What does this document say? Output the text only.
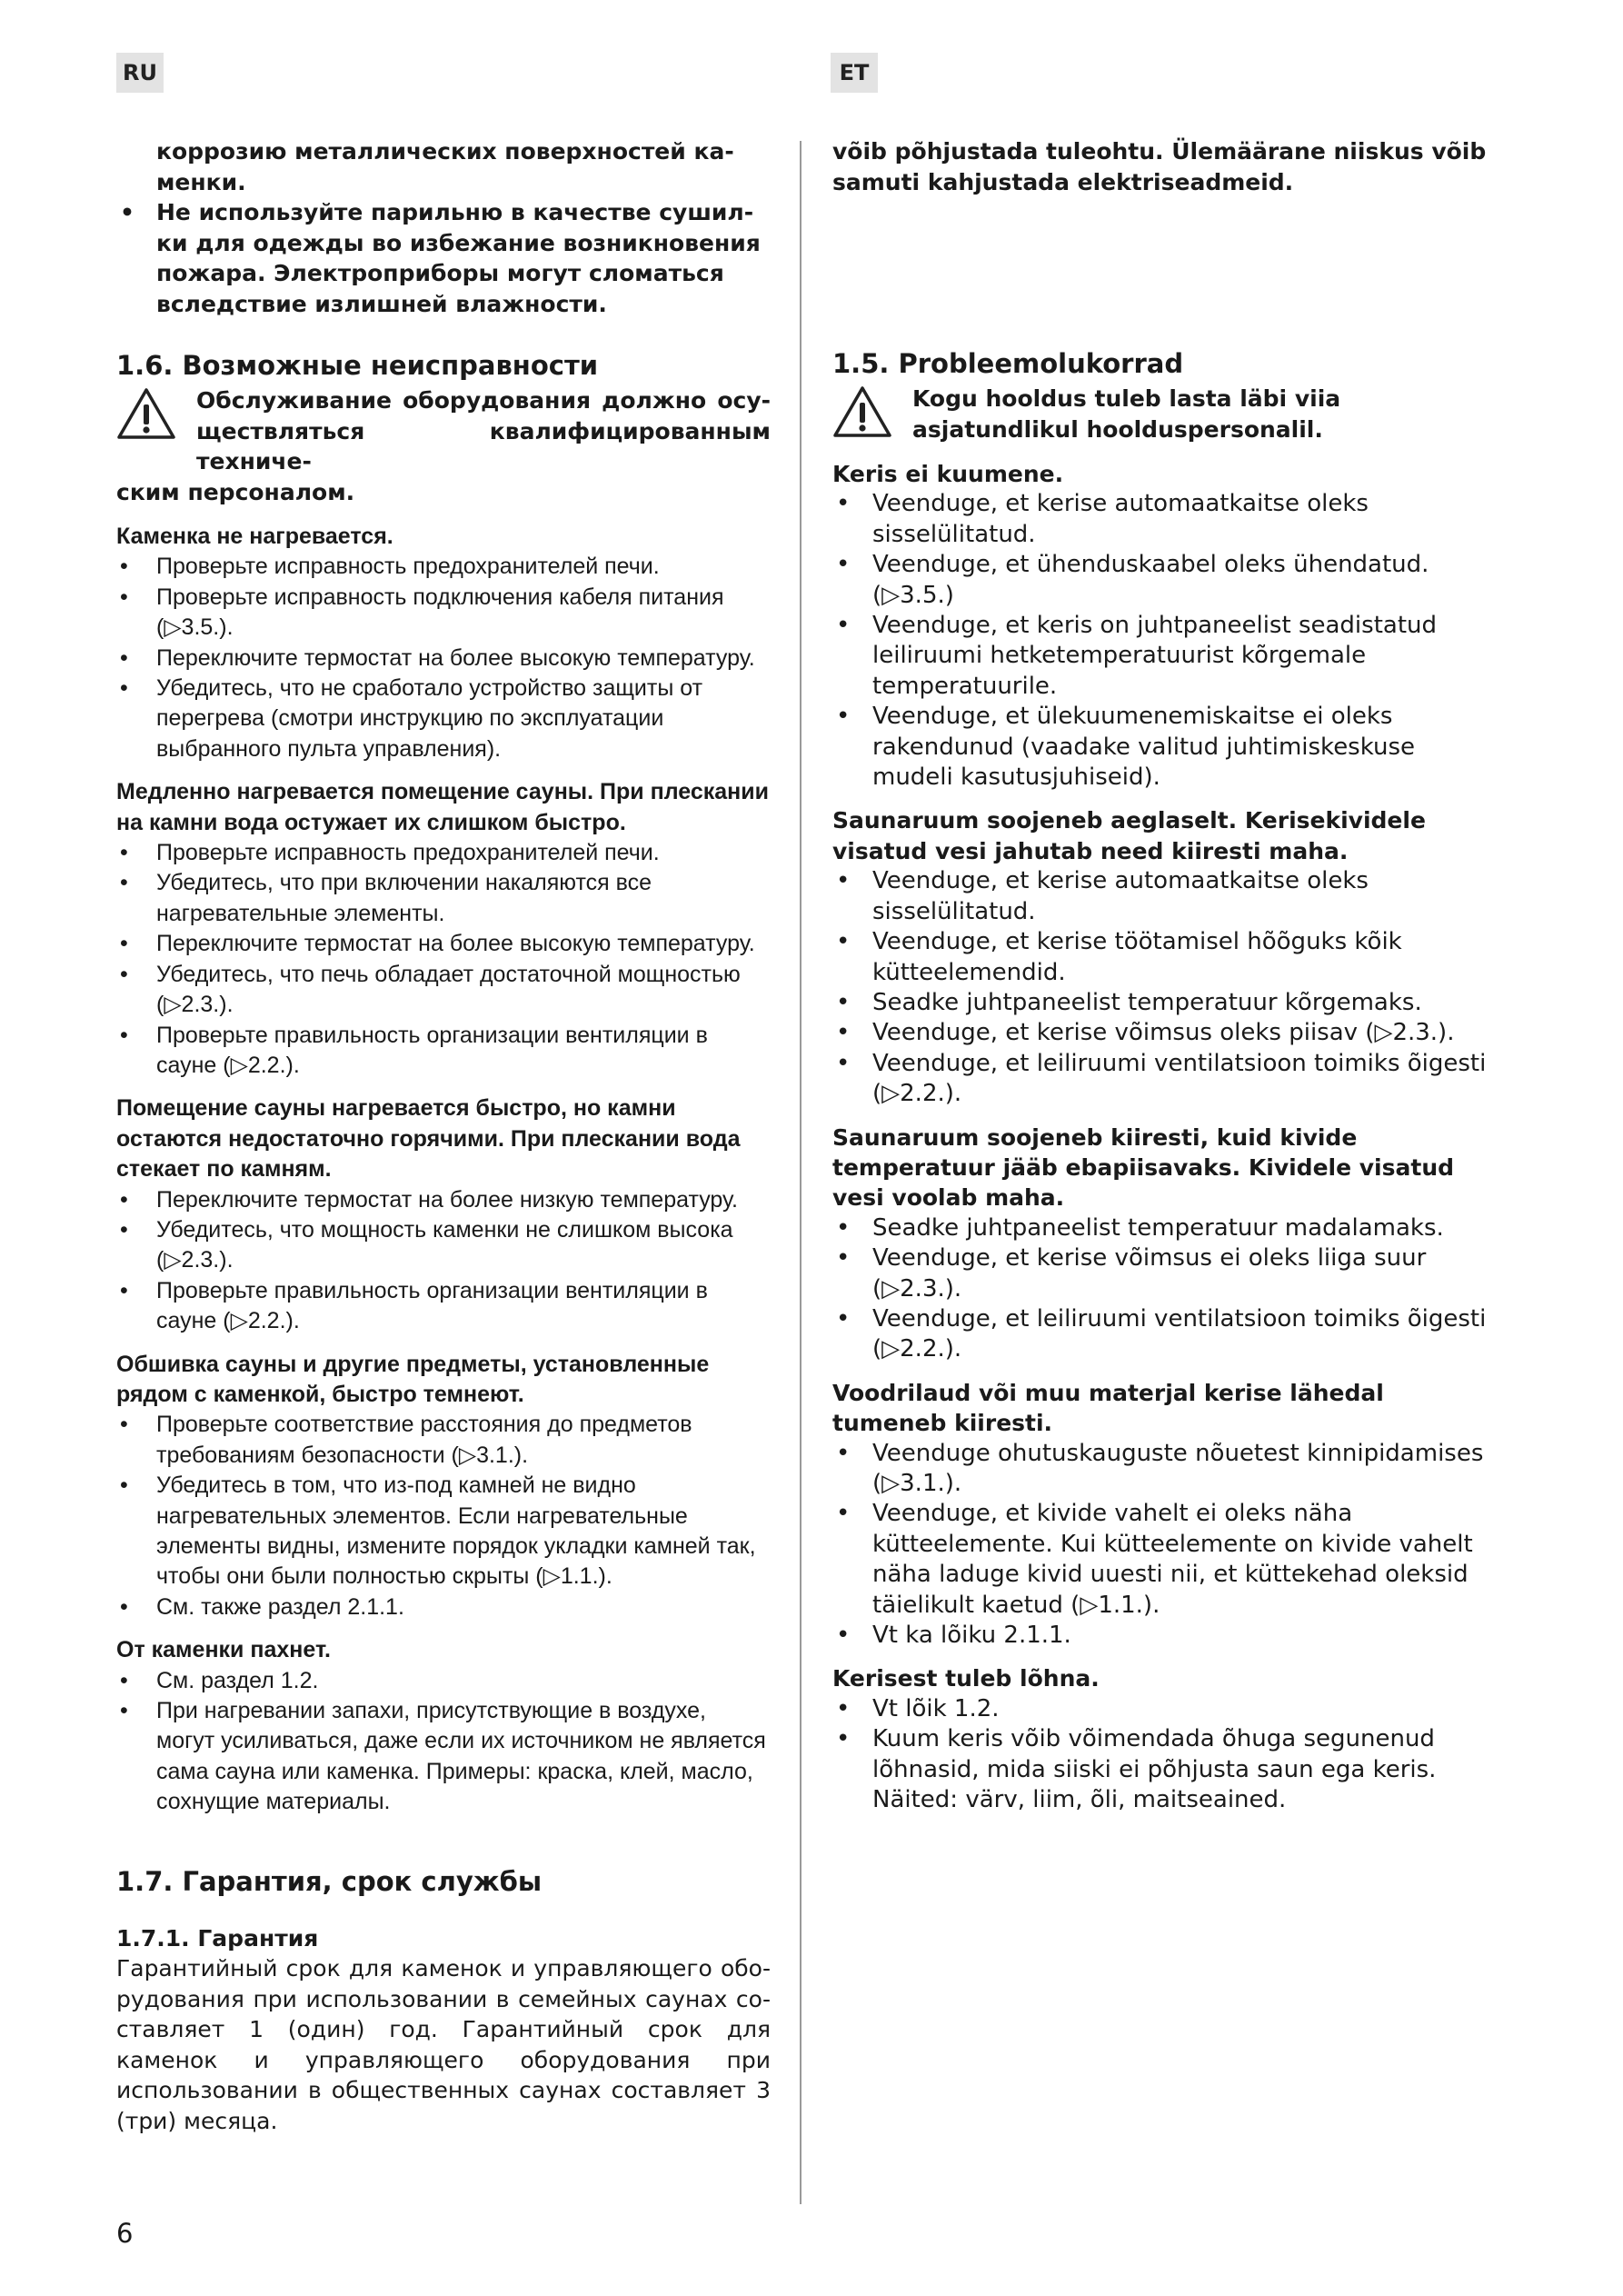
RU	ET

коррозию металлических поверхностей ка-менки.

• Не используйте парильню в качестве сушил-ки для одежды во избежание возникновения пожара. Электроприборы могут сломаться вследствие излишней влажности.
1.6. Возможные неисправности
Обслуживание оборудования должно осу-ществляться квалифицированным техниче-
ским персоналом.

Каменка не нагревается.

• Проверьте исправность предохранителей печи.
• Проверьте исправность подключения кабеля питания (▷3.5.).
• Переключите термостат на более высокую температуру.
• Убедитесь, что не сработало устройство защиты от перегрева (смотри инструкцию по эксплуатации выбранного пульта управления).

Медленно нагревается помещение сауны. При плескании на камни вода остужает их слишком быстро.

• Проверьте исправность предохранителей печи.
• Убедитесь, что при включении накаляются все нагревательные элементы.
• Переключите термостат на более высокую температуру.
• Убедитесь, что печь обладает достаточной мощностью (▷2.3.).
• Проверьте правильность организации вентиляции в сауне (▷2.2.).

Помещение сауны нагревается быстро, но камни остаются недостаточно горячими. При плескании вода стекает по камням.

• Переключите термостат на более низкую температуру.
• Убедитесь, что мощность каменки не слишком высока (▷2.3.).
• Проверьте правильность организации вентиляции в сауне (▷2.2.).

Обшивка сауны и другие предметы, установленные рядом с каменкой, быстро темнеют.

• Проверьте соответствие расстояния до предметов требованиям безопасности (▷3.1.).
• Убедитесь в том, что из-под камней не видно нагревательных элементов. Если нагревательные элементы видны, измените порядок укладки камней так, чтобы они были полностью скрыты (▷1.1.).
• См. также раздел 2.1.1.

От каменки пахнет.

• См. раздел 1.2.
• При нагревании запахи, присутствующие в воздухе, могут усиливаться, даже если их источником не является сама сауна или каменка. Примеры: краска, клей, масло, сохнущие материалы.
1.7. Гарантия, срок службы

1.7.1. Гарантия

Гарантийный срок для каменок и управляющего обо-рудования при использовании в семейных саунах со-ставляет 1 (один) год. Гарантийный срок для каменок и управляющего оборудования при использовании в общественных саунах составляет 3 (три) месяца.

võib põhjustada tuleohtu. Ülemäärane niiskus võib samuti kahjustada elektriseadmeid.

1.5. Probleemolukorrad
Kogu hooldus tuleb lasta läbi viia asjatundlikul hoolduspersonalil.

Keris ei kuumene.

• Veenduge, et kerise automaatkaitse oleks sisselülitatud.
• Veenduge, et ühenduskaabel oleks ühendatud. (▷3.5.)
• Veenduge, et keris on juhtpaneelist seadistatud leiliruumi hetketemperatuurist kõrgemale temperatuurile.
• Veenduge, et ülekuumenemiskaitse ei oleks rakendunud (vaadake valitud juhtimiskeskuse mudeli kasutusjuhiseid).

Saunaruum soojeneb aeglaselt. Kerisekividele visatud vesi jahutab need kiiresti maha.

• Veenduge, et kerise automaatkaitse oleks sisselülitatud.
• Veenduge, et kerise töötamisel hõõguks kõik kütteelemendid.
• Seadke juhtpaneelist temperatuur kõrgemaks.
• Veenduge, et kerise võimsus oleks piisav (▷2.3.).
• Veenduge, et leiliruumi ventilatsioon toimiks õigesti (▷2.2.).

Saunaruum soojeneb kiiresti, kuid kivide temperatuur jääb ebapiisavaks. Kividele visatud vesi voolab maha.

• Seadke juhtpaneelist temperatuur madalamaks.
• Veenduge, et kerise võimsus ei oleks liiga suur (▷2.3.).
• Veenduge, et leiliruumi ventilatsioon toimiks õigesti (▷2.2.).

Voodrilaud või muu materjal kerise lähedal tumeneb kiiresti.

• Veenduge ohutuskauguste nõuetest kinnipidamises (▷3.1.).
• Veenduge, et kivide vahelt ei oleks näha kütteelemente. Kui kütteelemente on kivide vahelt näha laduge kivid uuesti nii, et küttekehad oleksid täielikult kaetud (▷1.1.).
• Vt ka lõiku 2.1.1.

Kerisest tuleb lõhna.

• Vt lõik 1.2.
• Kuum keris võib võimendada õhuga segunenud lõhnasid, mida siiski ei põhjusta saun ega keris. Näited: värv, liim, õli, maitseained.
6
